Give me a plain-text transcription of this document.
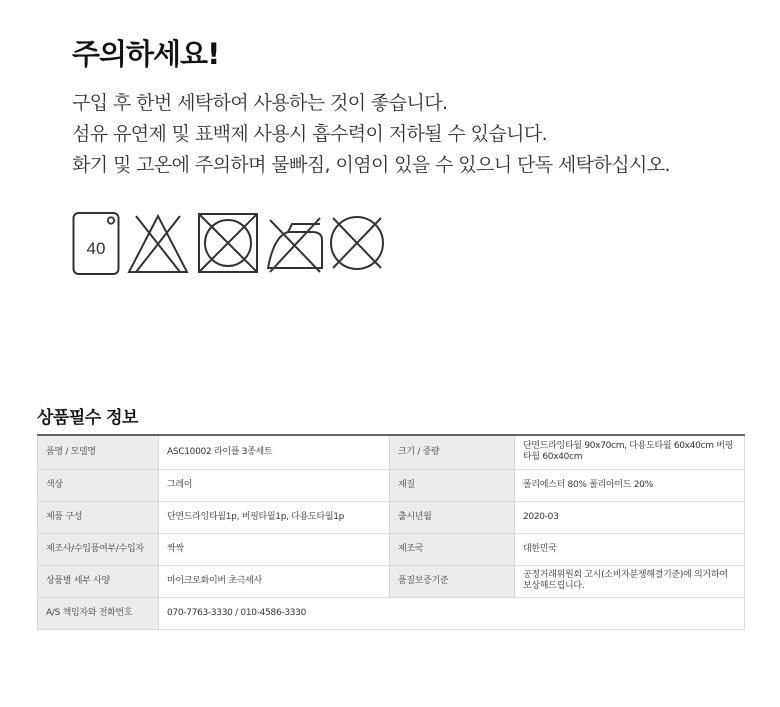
주의하세요!
구입 후 한번 세탁하여 사용하는 것이 좋습니다.
섬유 유연제 및 표백제 사용시 흡수력이 저하될 수 있습니다.
화기 및 고온에 주의하며 물빠짐, 이염이 있을 수 있으니 단독 세탁하십시오.
40
상품필수 정보
품명 / 모델명	ASC10002 라이플 3종세트	크기 / 중량	단면드라잉타월 90x70cm, 다용도타월 60x40cm 버핑타월 60x40cm
색상	그레이	재질	폴리에스터 80% 폴리아미드 20%
제품 구성	단면드라잉타월1p, 버핑타월1p, 다용도타월1p	출시년월	2020-03
제조사/수입품여부/수입자	싹싹	제조국	대한민국
상품별 세부 사양	마이크로화이버 초극세사	품질보증기준	공정거래위원회 고시(소비자분쟁해결기준)에 의거하여 보상해드립니다.
A/S 책임자와 전화번호	070-7763-3330 / 010-4586-3330		
